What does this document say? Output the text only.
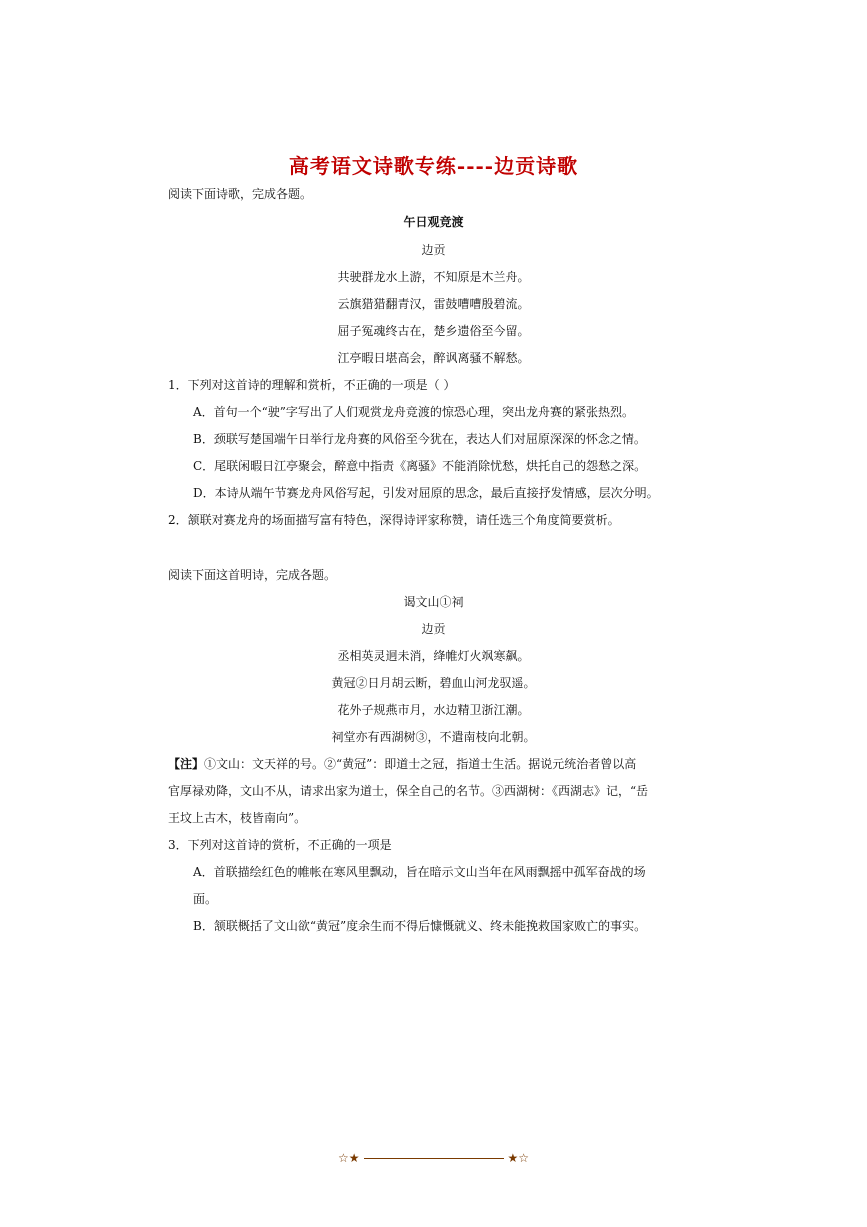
高考语文诗歌专练----边贡诗歌
阅读下面诗歌，完成各题。
午日观竞渡
边贡
共驶群龙水上游，不知原是木兰舟。
云旗猎猎翻青汉，雷鼓嘈嘈殷碧流。
屈子冤魂终古在，楚乡遗俗至今留。
江亭暇日堪高会，醉讽离骚不解愁。
1．下列对这首诗的理解和赏析，不正确的一项是（ ）
A．首句一个“驶”字写出了人们观赏龙舟竞渡的惊恐心理，突出龙舟赛的紧张热烈。
B．颈联写楚国端午日举行龙舟赛的风俗至今犹在，表达人们对屈原深深的怀念之情。
C．尾联闲暇日江亭聚会，醉意中指责《离骚》不能消除忧愁，烘托自己的怨愁之深。
D．本诗从端午节赛龙舟风俗写起，引发对屈原的思念，最后直接抒发情感，层次分明。
2．颔联对赛龙舟的场面描写富有特色，深得诗评家称赞，请任选三个角度简要赏析。
阅读下面这首明诗，完成各题。
谒文山①祠
边贡
丞相英灵迥未消，绛帷灯火飒寒飙。
黄冠②日月胡云断，碧血山河龙驭遥。
花外子规燕市月，水边精卫浙江潮。
祠堂亦有西湖树③，不遣南枝向北朝。
【注】①文山：文天祥的号。②“黄冠”：即道士之冠，指道士生活。据说元统治者曾以高
官厚禄劝降，文山不从，请求出家为道士，保全自己的名节。③西湖树：《西湖志》记，“岳
王坟上古木，枝皆南向”。
3．下列对这首诗的赏析，不正确的一项是
A．首联描绘红色的帷帐在寒风里飘动，旨在暗示文山当年在风雨飘摇中孤军奋战的场
面。
B．颔联概括了文山欲“黄冠”度余生而不得后慷慨就义、终未能挽救国家败亡的事实。
☆★	★☆
